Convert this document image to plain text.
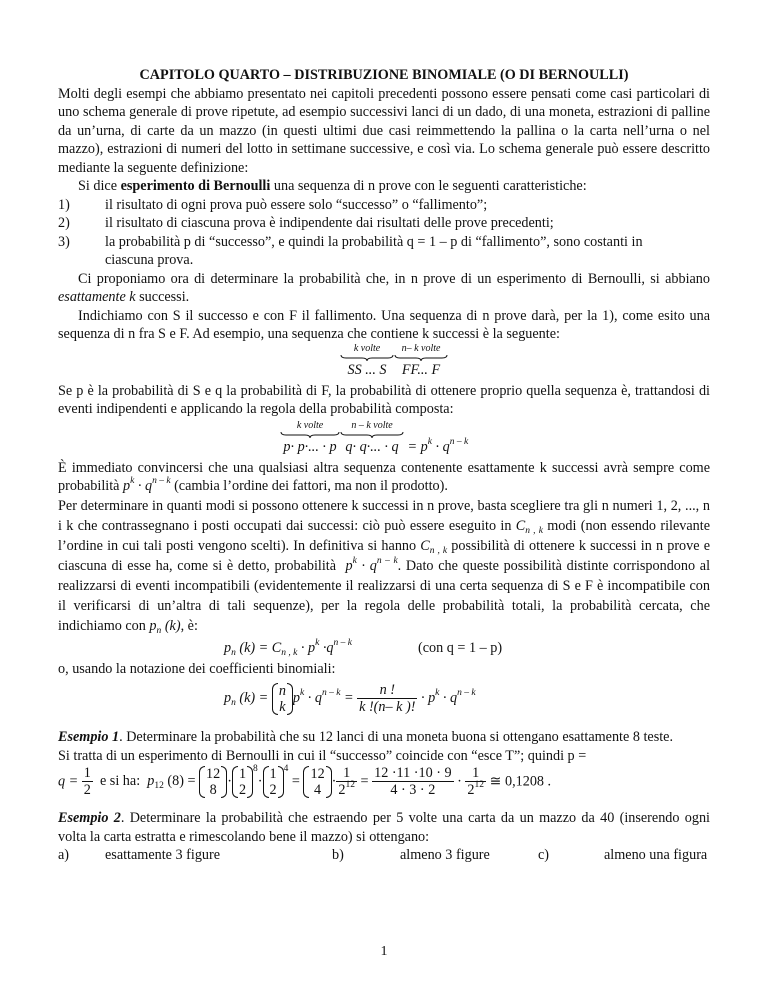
CAPITOLO QUARTO – DISTRIBUZIONE BINOMIALE (O DI BERNOULLI)

Molti degli esempi che abbiamo presentato nei capitoli precedenti possono essere pensati come casi particolari di uno schema generale di prove ripetute, ad esempio successivi lanci di un dado, di una moneta, estrazioni di palline da un’urna, di carte da un mazzo (in questi ultimi due casi reimmettendo la pallina o la carta nell’urna o nel mazzo), estrazioni di numeri del lotto in settimane successive, e così via. Lo schema generale può essere descritto mediante la seguente definizione:

Si dice esperimento di Bernoulli una sequenza di n prove con le seguenti caratteristiche:

1)	il risultato di ogni prova può essere solo “successo” o “fallimento”;
2)	il risultato di ciascuna prova è indipendente dai risultati delle prove precedenti;
3)	la probabilità p di “successo”, e quindi la probabilità q = 1 – p di “fallimento”, sono costanti in ciascuna prova.

Ci proponiamo ora di determinare la probabilità che, in n prove di un esperimento di Bernoulli, si abbiano esattamente k successi.

Indichiamo con S il successo e con F il fallimento. Una sequenza di n prove darà, per la 1), come esito una sequenza di n fra S e F. Ad esempio, una sequenza che contiene k successi è la seguente:

k volte
SS ... S
n– k volte
FF... F

Se p è la probabilità di S e q la probabilità di F, la probabilità di ottenere proprio quella sequenza è, trattandosi di eventi indipendenti e applicando la regola della probabilità composta:

k volte
p· p·... · p
n – k volte
q· q·... · $q = p^k \cdot q^{n - k}$

È immediato convincersi che una qualsiasi altra sequenza contenente esattamente k successi avrà sempre come probabilità $p^k \cdot q^{n - k}$ (cambia l’ordine dei fattori, ma non il prodotto).

Per determinare in quanti modi si possono ottenere k successi in n prove, basta scegliere tra gli n numeri 1, 2, ..., n i k che contrassegnano i posti occupati dai successi: ciò può essere eseguito in $C_{n , k}$ modi (non essendo rilevante l’ordine in cui tali posti vengono scelti). In definitiva si hanno $C_{n , k}$ possibilità di ottenere k successi in n prove e ciascuna di esse ha, come si è detto, probabilità  $p^k \cdot q^{n - k}$. Dato che queste possibilità distinte corrispondono al realizzarsi di eventi incompatibili (evidentemente il realizzarsi di una certa sequenza di S e F è incompatibile con il verificarsi di un’altra di tali sequenze), per la regola delle probabilità totali, la probabilità cercata, che indichiamo con $p_n$ (k), è:

$p_n$ $(k) = C_{n , k} \cdot p^k \cdot q^{n - k}$	(con q = 1 – p)

o, usando la notazione dei coefficienti binomiali:

$p_n$ (k) = n
k
$p^k \cdot q^{n - k} = \frac{n !}{k !(n- k )!} \cdot p^k \cdot q^{n - k}$

Esempio 1. Determinare la probabilità che su 12 lanci di una moneta buona si ottengano esattamente 8 teste.

Si tratta di un esperimento di Bernoulli in cui il “successo” coincide con “esce T”; quindi p =

$q = \frac{1}{2}$ e si ha: $p_{12}$ (8) = 12
8
· 1
2
$^8$· 1
2
$^4$ = 12
4
· $\frac{1}{2^{12}} = \frac{12 \cdot 11 \cdot 10 \cdot 9}{4 \cdot 3 \cdot 2} \cdot \frac{1}{2^{12}}$ ≅ 0,1208 .

Esempio 2. Determinare la probabilità che estraendo per 5 volte una carta da un mazzo da 40 (inserendo ogni volta la carta estratta e rimescolando bene il mazzo) si ottengano:

a)	esattamente 3 figure	b)	almeno 3 figure	c)	almeno una figura
1
